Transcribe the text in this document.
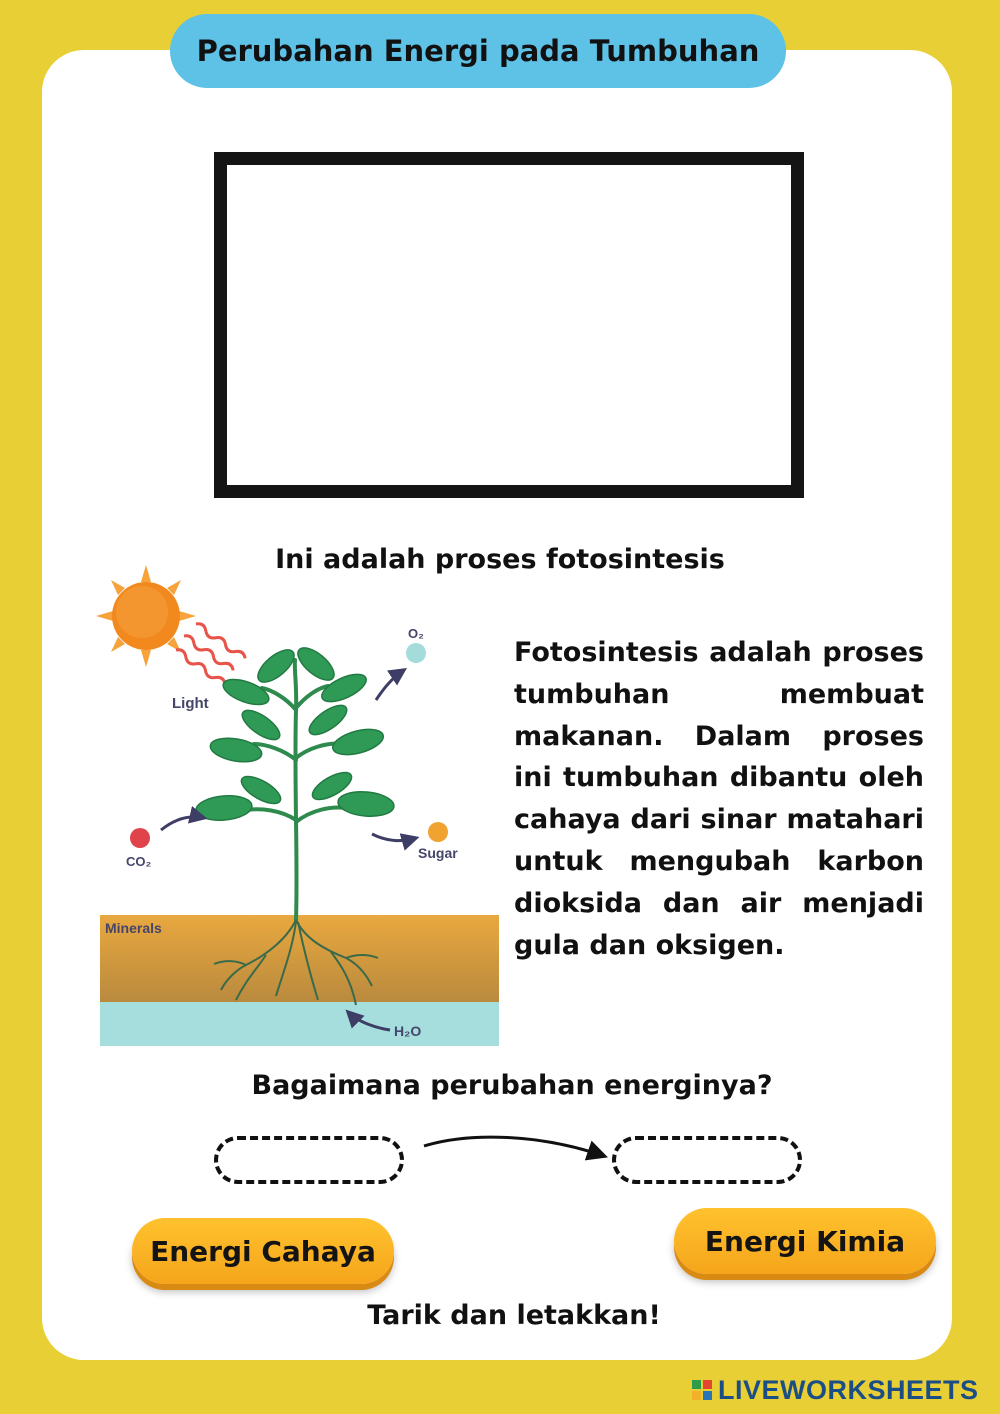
Perubahan Energi pada Tumbuhan
Ini adalah proses fotosintesis
Light
O₂
CO₂
Sugar
Minerals
H₂O
Fotosintesis adalah proses tumbuhan membuat makanan. Dalam proses ini tumbuhan dibantu oleh cahaya dari sinar matahari untuk mengubah karbon dioksida dan air menjadi gula dan oksigen.
Bagaimana perubahan energinya?
Energi Cahaya	Energi Kimia
Tarik dan letakkan!
LIVEWORKSHEETS
